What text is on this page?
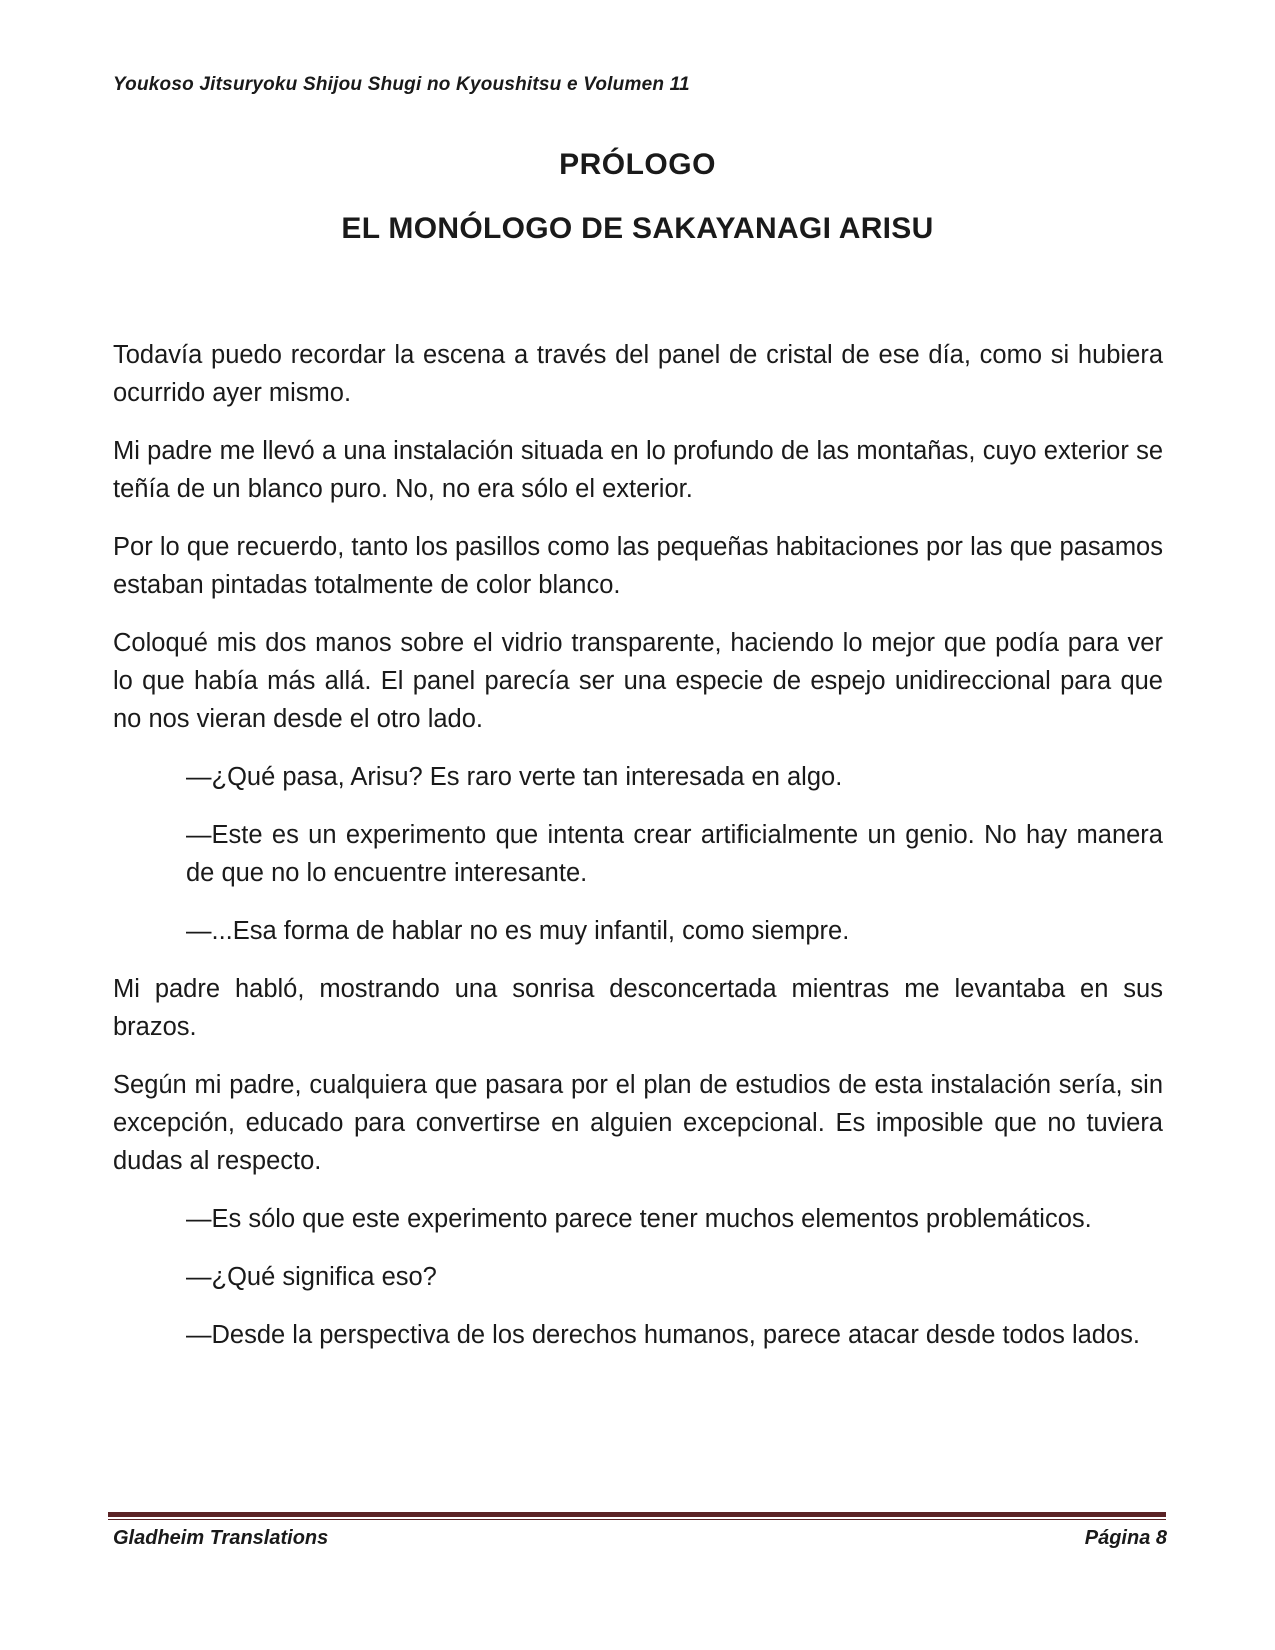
Youkoso Jitsuryoku Shijou Shugi no Kyoushitsu e Volumen 11
PRÓLOGO
EL MONÓLOGO DE SAKAYANAGI ARISU

Todavía puedo recordar la escena a través del panel de cristal de ese día, como si hubiera ocurrido ayer mismo.

Mi padre me llevó a una instalación situada en lo profundo de las montañas, cuyo exterior se teñía de un blanco puro. No, no era sólo el exterior.

Por lo que recuerdo, tanto los pasillos como las pequeñas habitaciones por las que pasamos estaban pintadas totalmente de color blanco.

Coloqué mis dos manos sobre el vidrio transparente, haciendo lo mejor que podía para ver lo que había más allá. El panel parecía ser una especie de espejo unidireccional para que no nos vieran desde el otro lado.

—¿Qué pasa, Arisu? Es raro verte tan interesada en algo.

—Este es un experimento que intenta crear artificialmente un genio. No hay manera de que no lo encuentre interesante.

—...Esa forma de hablar no es muy infantil, como siempre.

Mi padre habló, mostrando una sonrisa desconcertada mientras me levantaba en sus brazos.

Según mi padre, cualquiera que pasara por el plan de estudios de esta instalación sería, sin excepción, educado para convertirse en alguien excepcional. Es imposible que no tuviera dudas al respecto.

—Es sólo que este experimento parece tener muchos elementos problemáticos.

—¿Qué significa eso?

—Desde la perspectiva de los derechos humanos, parece atacar desde todos lados.

Gladheim Translations	Página 8
